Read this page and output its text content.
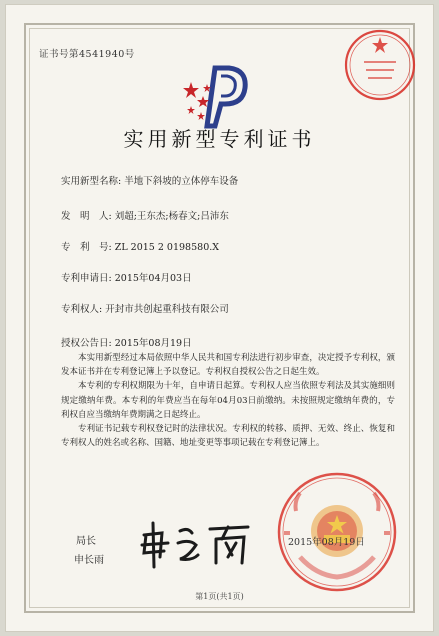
证书号第4541940号
实用新型专利证书
实用新型名称: 半地下斜坡的立体停车设备
发　明　人: 刘超;王东杰;杨春文;吕沛东
专　利　号: ZL 2015 2 0198580.X
专利申请日: 2015年04月03日
专利权人: 开封市共创起重科技有限公司
授权公告日: 2015年08月19日

本实用新型经过本局依照中华人民共和国专利法进行初步审查，决定授予专利权，颁发本证书并在专利登记簿上予以登记。专利权自授权公告之日起生效。

本专利的专利权期限为十年，自申请日起算。专利权人应当依照专利法及其实施细则规定缴纳年费。本专利的年费应当在每年04月03日前缴纳。未按照规定缴纳年费的，专利权自应当缴纳年费期满之日起终止。

专利证书记载专利权登记时的法律状况。专利权的转移、质押、无效、终止、恢复和专利权人的姓名或名称、国籍、地址变更等事项记载在专利登记簿上。

局长
申长雨
2015年08月19日
第1页(共1页)
